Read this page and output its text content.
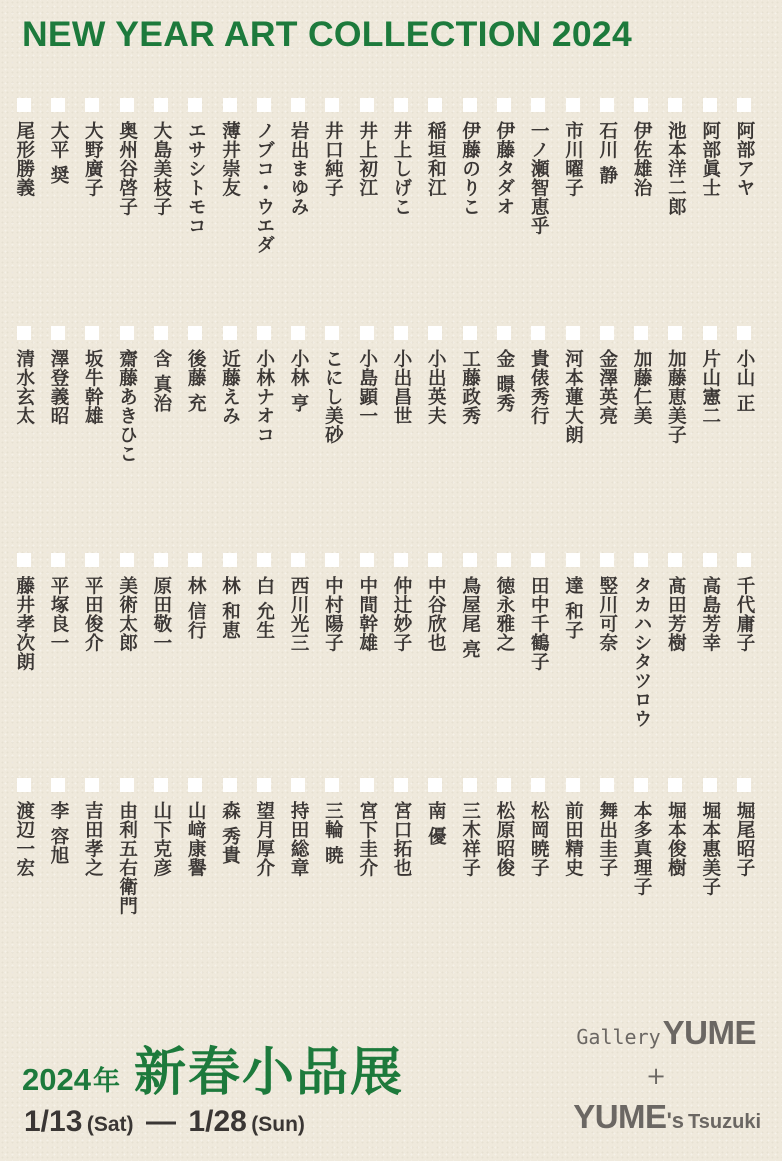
NEW YEAR ART COLLECTION 2024
阿部アヤ
阿部眞士
池本洋二郎
伊佐雄治
石川 静
市川曜子
一ノ瀬智恵乎
伊藤タダオ
伊藤のりこ
稲垣和江
井上しげこ
井上初江
井口純子
岩出まゆみ
ノブコ・ウエダ
薄井崇友
エサシトモコ
大島美枝子
奥州谷啓子
大野廣子
大平 奨
尾形勝義
小山 正
片山憲二
加藤恵美子
加藤仁美
金澤英亮
河本蓮大朗
貴俵秀行
金 暻秀
工藤政秀
小出英夫
小出昌世
小島顕一
こにし美砂
小林 亨
小林ナオコ
近藤えみ
後藤 充
含 真治
齋藤あきひこ
坂牛幹雄
澤登義昭
清水玄太
千代庸子
高島芳幸
髙田芳樹
タカハシタツロウ
竪川可奈
達 和子
田中千鶴子
徳永雅之
鳥屋尾 亮
中谷欣也
仲辻妙子
中間幹雄
中村陽子
西川光三
白 允生
林 和恵
林 信行
原田敬一
美術太郎
平田俊介
平塚良一
藤井孝次朗
堀尾昭子
堀本惠美子
堀本俊樹
本多真理子
舞出圭子
前田精史
松岡暁子
松原昭俊
三木祥子
南 優
宮口拓也
宮下圭介
三輪 暁
持田総章
望月厚介
森 秀貴
山﨑康譽
山下克彦
由利五右衛門
吉田孝之
李 容旭
渡辺一宏
2024 年 新春小品展
1/13 (Sat) — 1/28 (Sun)
GalleryYUME
+
YUME's Tsuzuki
